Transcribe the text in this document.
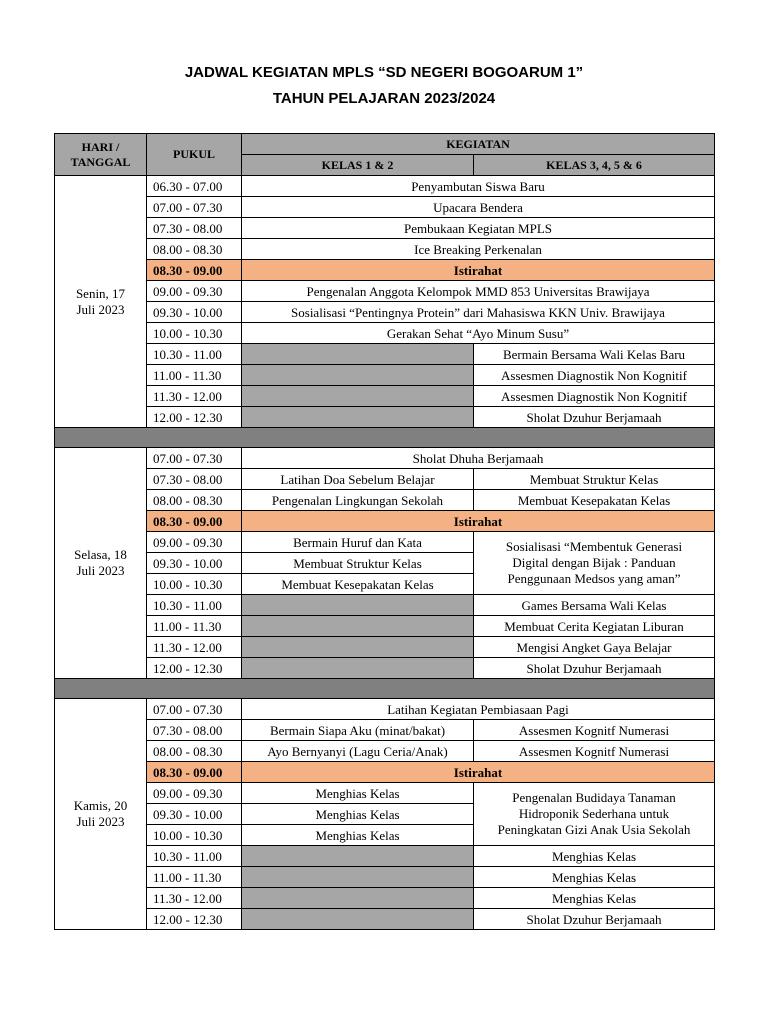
JADWAL KEGIATAN MPLS “SD NEGERI BOGOARUM 1”
TAHUN PELAJARAN 2023/2024
HARI /
TANGGAL	PUKUL	KEGIATAN	
		KELAS 1 & 2	KELAS 3, 4, 5 & 6
Senin, 17
Juli 2023	06.30 - 07.00	Penyambutan Siswa Baru	
	07.00 - 07.30	Upacara Bendera	
	07.30 - 08.00	Pembukaan Kegiatan MPLS	
	08.00 - 08.30	Ice Breaking Perkenalan	
	08.30 - 09.00	Istirahat	
	09.00 - 09.30	Pengenalan Anggota Kelompok MMD 853 Universitas Brawijaya	
	09.30 - 10.00	Sosialisasi “Pentingnya Protein” dari Mahasiswa KKN Univ. Brawijaya	
	10.00 - 10.30	Gerakan Sehat “Ayo Minum Susu”	
	10.30 - 11.00		Bermain Bersama Wali Kelas Baru
	11.00 - 11.30		Assesmen Diagnostik Non Kognitif
	11.30 - 12.00		Assesmen Diagnostik Non Kognitif
	12.00 - 12.30		Sholat Dzuhur Berjamaah

Selasa, 18
Juli 2023	07.00 - 07.30	Sholat Dhuha Berjamaah	
	07.30 - 08.00	Latihan Doa Sebelum Belajar	Membuat Struktur Kelas
	08.00 - 08.30	Pengenalan Lingkungan Sekolah	Membuat Kesepakatan Kelas
	08.30 - 09.00	Istirahat	
	09.00 - 09.30	Bermain Huruf dan Kata	Sosialisasi “Membentuk Generasi
Digital dengan Bijak : Panduan
Penggunaan Medsos yang aman”
	09.30 - 10.00	Membuat Struktur Kelas	
	10.00 - 10.30	Membuat Kesepakatan Kelas	
	10.30 - 11.00		Games Bersama Wali Kelas
	11.00 - 11.30		Membuat Cerita Kegiatan Liburan
	11.30 - 12.00		Mengisi Angket Gaya Belajar
	12.00 - 12.30		Sholat Dzuhur Berjamaah

Kamis, 20
Juli 2023	07.00 - 07.30	Latihan Kegiatan Pembiasaan Pagi	
	07.30 - 08.00	Bermain Siapa Aku (minat/bakat)	Assesmen Kognitf Numerasi
	08.00 - 08.30	Ayo Bernyanyi (Lagu Ceria/Anak)	Assesmen Kognitf Numerasi
	08.30 - 09.00	Istirahat	
	09.00 - 09.30	Menghias Kelas	Pengenalan Budidaya Tanaman
Hidroponik Sederhana untuk
Peningkatan Gizi Anak Usia Sekolah
	09.30 - 10.00	Menghias Kelas	
	10.00 - 10.30	Menghias Kelas	
	10.30 - 11.00		Menghias Kelas
	11.00 - 11.30		Menghias Kelas
	11.30 - 12.00		Menghias Kelas
	12.00 - 12.30		Sholat Dzuhur Berjamaah
